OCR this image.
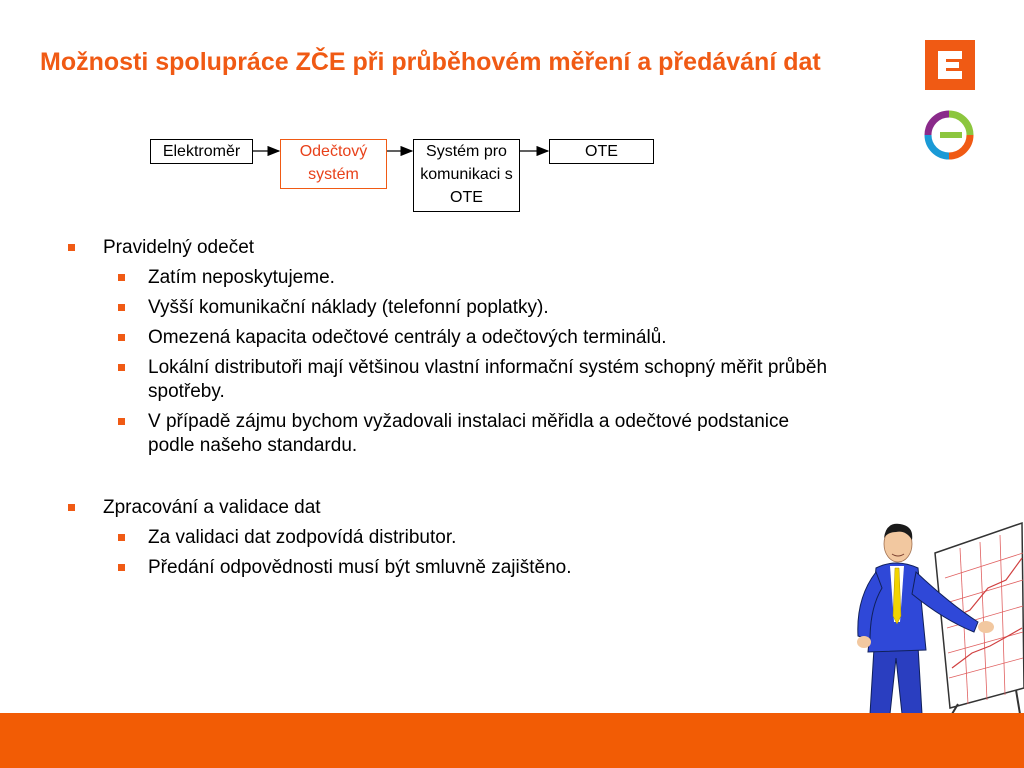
Možnosti spolupráce ZČE při průběhovém měření a předávání dat
Elektroměr	Odečtový systém
Systém pro komunikaci s OTE
OTE
Pravidelný odečet
Zatím neposkytujeme.
Vyšší komunikační náklady (telefonní poplatky).
Omezená kapacita odečtové centrály a odečtových terminálů.
Lokální distributoři mají většinou vlastní informační systém schopný měřit průběh spotřeby.
V případě zájmu bychom vyžadovali instalaci měřidla a odečtové podstanice podle našeho standardu.
Zpracování a validace dat
Za validaci dat zodpovídá distributor.
Předání odpovědnosti musí být smluvně zajištěno.
